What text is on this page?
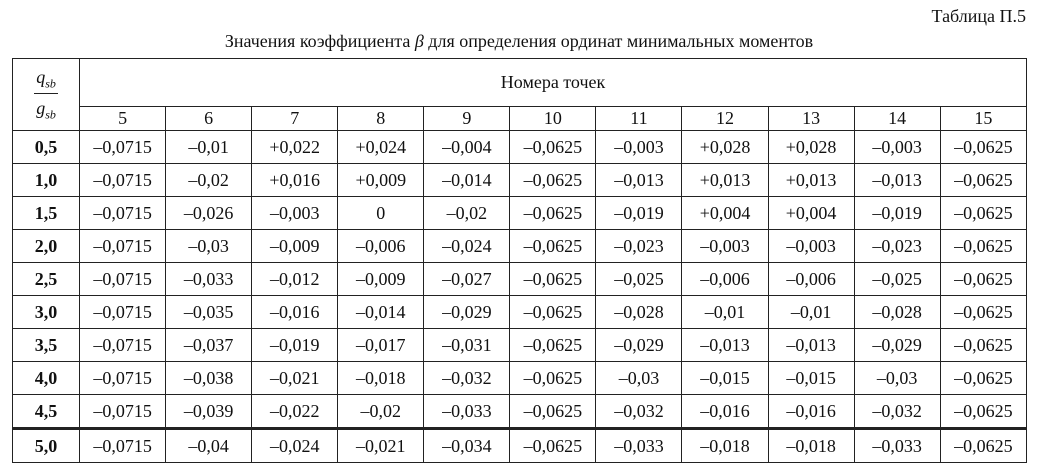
Таблица П.5
Значения коэффициента β для определения ординат минимальных моментов
$\frac{q_{sb}}{g_{sb}}$	Номера точек										
	5	6	7	8	9	10	11	12	13	14	15
0,5	–0,0715	–0,01	+0,022	+0,024	–0,004	–0,0625	–0,003	+0,028	+0,028	–0,003	–0,0625
1,0	–0,0715	–0,02	+0,016	+0,009	–0,014	–0,0625	–0,013	+0,013	+0,013	–0,013	–0,0625
1,5	–0,0715	–0,026	–0,003	0	–0,02	–0,0625	–0,019	+0,004	+0,004	–0,019	–0,0625
2,0	–0,0715	–0,03	–0,009	–0,006	–0,024	–0,0625	–0,023	–0,003	–0,003	–0,023	–0,0625
2,5	–0,0715	–0,033	–0,012	–0,009	–0,027	–0,0625	–0,025	–0,006	–0,006	–0,025	–0,0625
3,0	–0,0715	–0,035	–0,016	–0,014	–0,029	–0,0625	–0,028	–0,01	–0,01	–0,028	–0,0625
3,5	–0,0715	–0,037	–0,019	–0,017	–0,031	–0,0625	–0,029	–0,013	–0,013	–0,029	–0,0625
4,0	–0,0715	–0,038	–0,021	–0,018	–0,032	–0,0625	–0,03	–0,015	–0,015	–0,03	–0,0625
4,5	–0,0715	–0,039	–0,022	–0,02	–0,033	–0,0625	–0,032	–0,016	–0,016	–0,032	–0,0625
5,0	–0,0715	–0,04	–0,024	–0,021	–0,034	–0,0625	–0,033	–0,018	–0,018	–0,033	–0,0625
